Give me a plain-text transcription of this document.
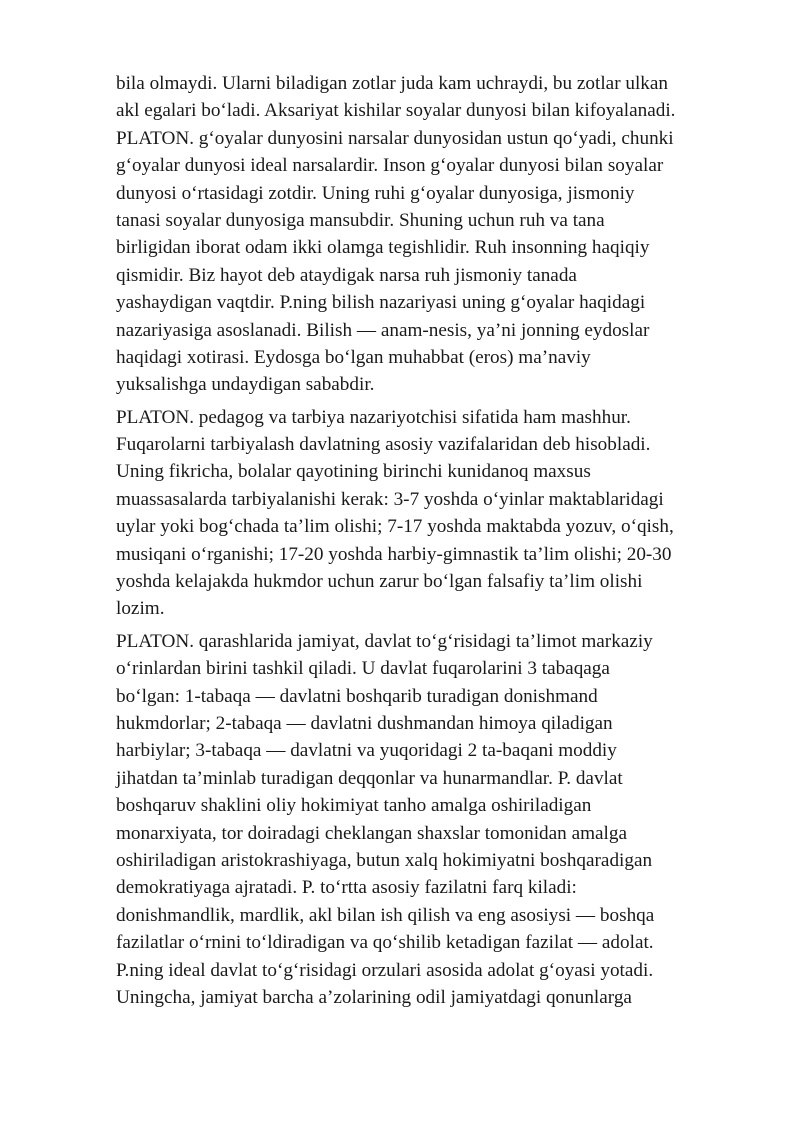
bila olmaydi. Ularni biladigan zotlar juda kam uchraydi, bu zotlar ulkan
akl egalari boʻladi. Aksariyat kishilar soyalar dunyosi bilan kifoyalanadi.
PLATON. gʻoyalar dunyosini narsalar dunyosidan ustun qoʻyadi, chunki
gʻoyalar dunyosi ideal narsalardir. Inson gʻoyalar dunyosi bilan soyalar
dunyosi oʻrtasidagi zotdir. Uning ruhi gʻoyalar dunyosiga, jismoniy
tanasi soyalar dunyosiga mansubdir. Shuning uchun ruh va tana
birligidan iborat odam ikki olamga tegishlidir. Ruh insonning haqiqiy
qismidir. Biz hayot deb ataydigak narsa ruh jismoniy tanada
yashaydigan vaqtdir. P.ning bilish nazariyasi uning gʻoyalar haqidagi
nazariyasiga asoslanadi. Bilish — anam-nesis, yaʼni jonning eydoslar
haqidagi xotirasi. Eydosga boʻlgan muhabbat (eros) maʼnaviy
yuksalishga undaydigan sababdir.
PLATON. pedagog va tarbiya nazariyotchisi sifatida ham mashhur.
Fuqarolarni tarbiyalash davlatning asosiy vazifalaridan deb hisobladi.
Uning fikricha, bolalar qayotining birinchi kunidanoq maxsus
muassasalarda tarbiyalanishi kerak: 3-7 yoshda oʻyinlar maktablaridagi
uylar yoki bogʻchada taʼlim olishi; 7-17 yoshda maktabda yozuv, oʻqish,
musiqani oʻrganishi; 17-20 yoshda harbiy-gimnastik taʼlim olishi; 20-30
yoshda kelajakda hukmdor uchun zarur boʻlgan falsafiy taʼlim olishi
lozim.
PLATON. qarashlarida jamiyat, davlat toʻgʻrisidagi taʼlimot markaziy
oʻrinlardan birini tashkil qiladi. U davlat fuqarolarini 3 tabaqaga
boʻlgan: 1-tabaqa — davlatni boshqarib turadigan donishmand
hukmdorlar; 2-tabaqa — davlatni dushmandan himoya qiladigan
harbiylar; 3-tabaqa — davlatni va yuqoridagi 2 ta-baqani moddiy
jihatdan taʼminlab turadigan deqqonlar va hunarmandlar. P. davlat
boshqaruv shaklini oliy hokimiyat tanho amalga oshiriladigan
monarxiyata, tor doiradagi cheklangan shaxslar tomonidan amalga
oshiriladigan aristokrashiyaga, butun xalq hokimiyatni boshqaradigan
demokratiyaga ajratadi. P. toʻrtta asosiy fazilatni farq kiladi:
donishmandlik, mardlik, akl bilan ish qilish va eng asosiysi — boshqa
fazilatlar oʻrnini toʻldiradigan va qoʻshilib ketadigan fazilat — adolat.
P.ning ideal davlat toʻgʻrisidagi orzulari asosida adolat gʻoyasi yotadi.
Uningcha, jamiyat barcha aʼzolarining odil jamiyatdagi qonunlarga
